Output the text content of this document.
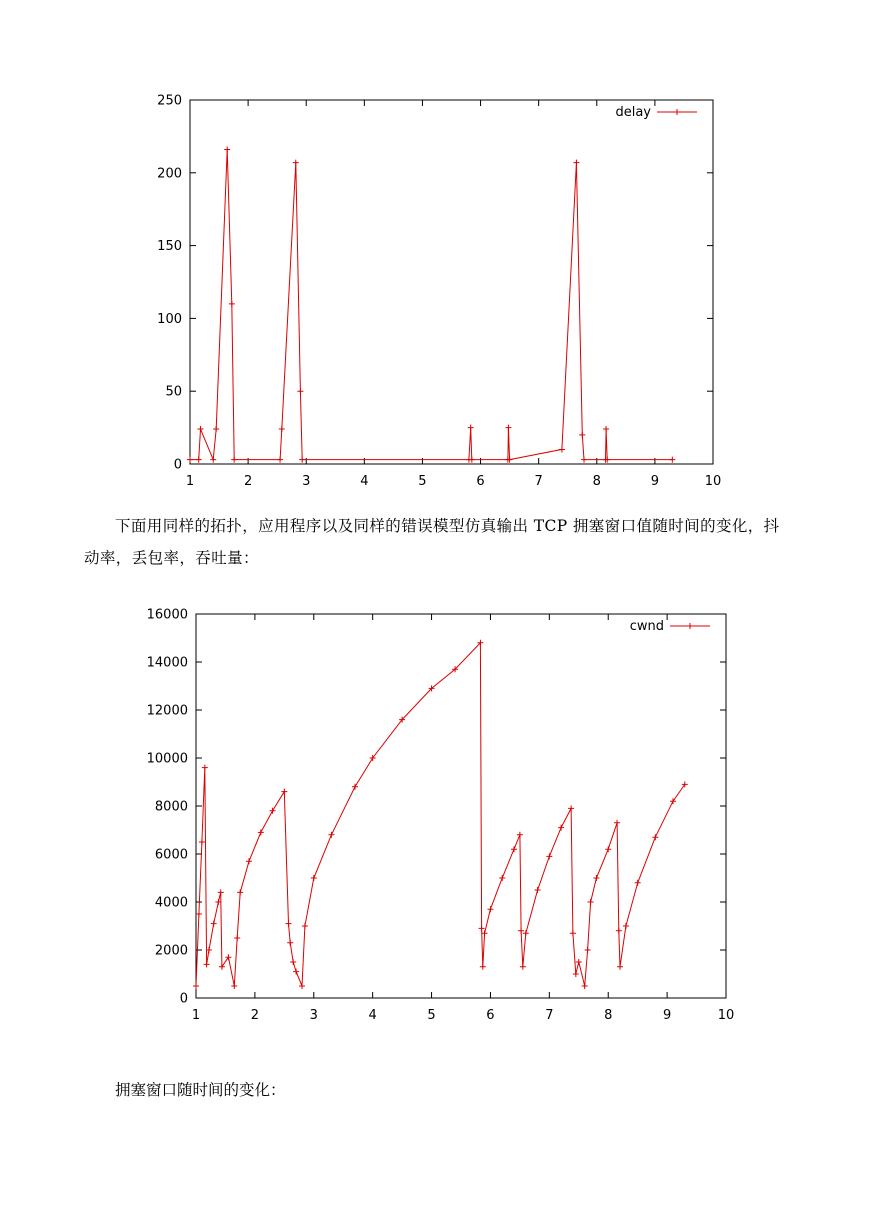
1	2	3	4	5	6	7	8	9	10
0
50
100
150
200
250
delay
1	2	3	4	5	6	7	8	9	10
0
2000
4000
6000
8000
10000
12000
14000
16000
cwnd

下面用同样的拓扑，应用程序以及同样的错误模型仿真输出 TCP 拥塞窗口值随时间的变化，抖动率，丢包率，吞吐量：

拥塞窗口随时间的变化：
